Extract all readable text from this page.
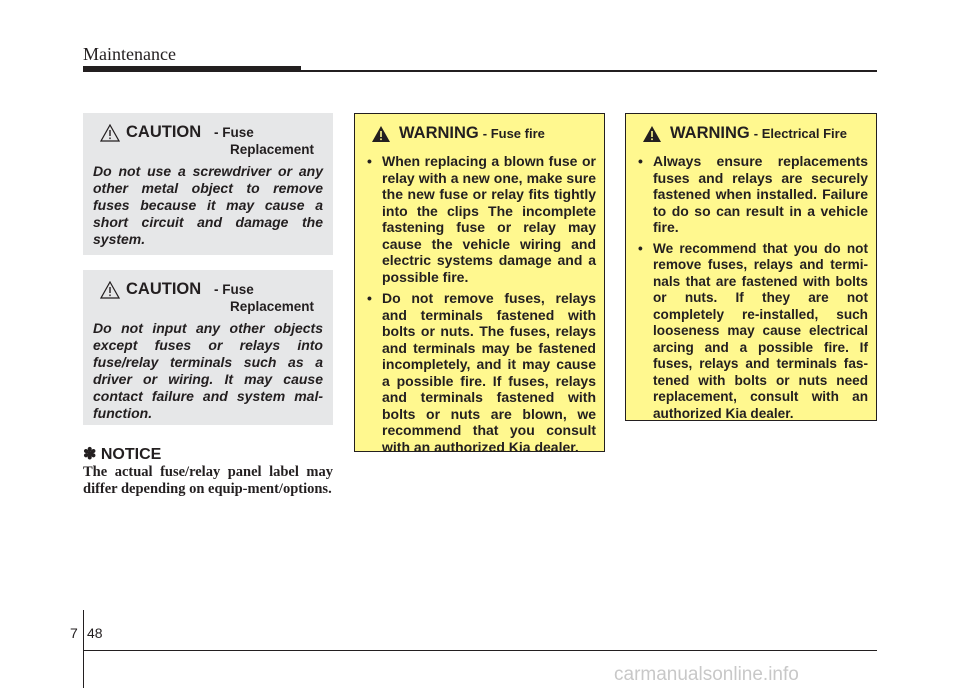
Maintenance
CAUTION - Fuse
Replacement
Do not use a screwdriver or any other metal object to remove fuses because it may cause a short circuit and damage the system.
CAUTION - Fuse
Replacement
Do not input any other objects except fuses or relays into fuse/relay terminals such as a driver or wiring. It may cause contact failure and system mal-function.
✽ NOTICE
The actual fuse/relay panel label may differ depending on equip-ment/options.
WARNING - Fuse fire
• When replacing a blown fuse or relay with a new one, make sure the new fuse or relay fits tightly into the clips The incomplete fastening fuse or relay may cause the vehicle wiring and electric systems damage and a possible fire.
• Do not remove fuses, relays and terminals fastened with bolts or nuts. The fuses, relays and terminals may be fastened incompletely, and it may cause a possible fire. If fuses, relays and terminals fastened with bolts or nuts are blown, we recommend that you consult with an authorized Kia dealer.
WARNING - Electrical Fire
• Always ensure replacements fuses and relays are securely fastened when installed. Failure to do so can result in a vehicle fire.
• We recommend that you do not remove fuses, relays and termi-nals that are fastened with bolts or nuts. If they are not completely re-installed, such looseness may cause electrical arcing and a possible fire. If fuses, relays and terminals fas-tened with bolts or nuts need replacement, consult with an authorized Kia dealer.
7 48
carmanualsonline.info
